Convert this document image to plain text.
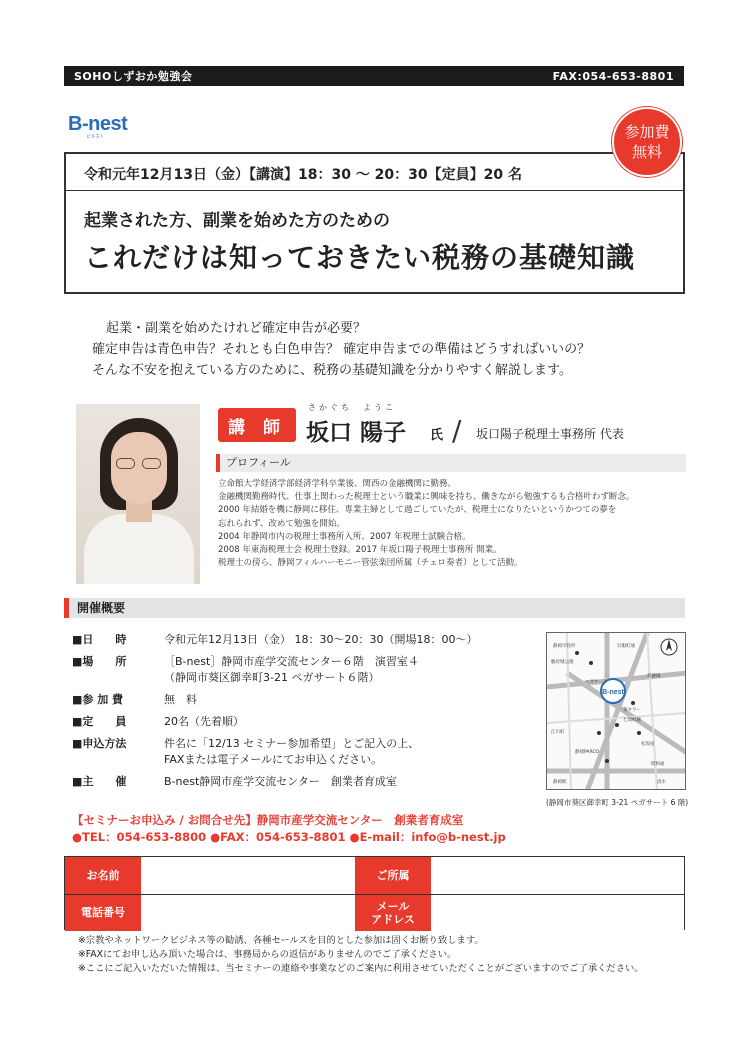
SOHOしずおか勉強会	FAX:054-653-8801
B-nest
ビネスト	参加費
無料
令和元年12月13日（金）【講演】18：30 ～ 20：30【定員】20 名
起業された方、副業を始めた方のための
これだけは知っておきたい税務の基礎知識

起業・副業を始めたけれど確定申告が必要？

確定申告は青色申告？それとも白色申告？ 確定申告までの準備はどうすればいいの？

そんな不安を抱えている方のために、税務の基礎知識を分かりやすく解説します。

講 師
さかぐち　ようこ
坂口 陽子 氏 / 坂口陽子税理士事務所 代表
プロフィール
立命館大学経済学部経済学科卒業後、関西の金融機関に勤務。
金融機関勤務時代、仕事上関わった税理士という職業に興味を持ち、働きながら勉強するも合格叶わず断念。
2000 年結婚を機に静岡に移住、専業主婦として過ごしていたが、税理士になりたいというかつての夢を
忘れられず、改めて勉強を開始。
2004 年静岡市内の税理士事務所入所、2007 年税理士試験合格。
2008 年東海税理士会 税理士登録。2017 年坂口陽子税理士事務所 開業。
税理士の傍ら、静岡フィルハーモニー管弦楽団所属（チェロ奏者）として活動。
開催概要
■日　　時	令和元年12月13日（金） 18：30～20：30（開場18：00～）
■場　　所	［B-nest］静岡市産学交流センター６階　演習室４
（静岡市葵区御幸町3-21 ペガサート６階）
■参 加 費	無　料
■定　　員	20名（先着順）
■申込方法	件名に「12/13 セミナー参加希望」とご記入の上、
FAXまたは電子メールにてお申込ください。
■主　　催	B-nest静岡市産学交流センター　創業者育成室
B-nest
静岡市役所
静岡駅
ペガサート
呉服町通
七間町通
新静岡
松坂屋
葵タワー
駿府城公園
静岡PARCO
江川町
清水
昭和通
(静岡市葵区御幸町 3-21 ペガサート 6 階)
【セミナーお申込み / お問合せ先】静岡市産学交流センター　創業者育成室
●TEL：054-653-8800 ●FAX：054-653-8801 ●E-mail：info@b-nest.jp
お名前	ご所属
電話番号	メール
アドレス
※宗教やネットワークビジネス等の勧誘、各種セールスを目的とした参加は固くお断り致します。
※FAXにてお申し込み頂いた場合は、事務局からの返信がありませんのでご了承ください。
※ここにご記入いただいた情報は、当セミナーの連絡や事業などのご案内に利用させていただくことがございますのでご了承ください。
